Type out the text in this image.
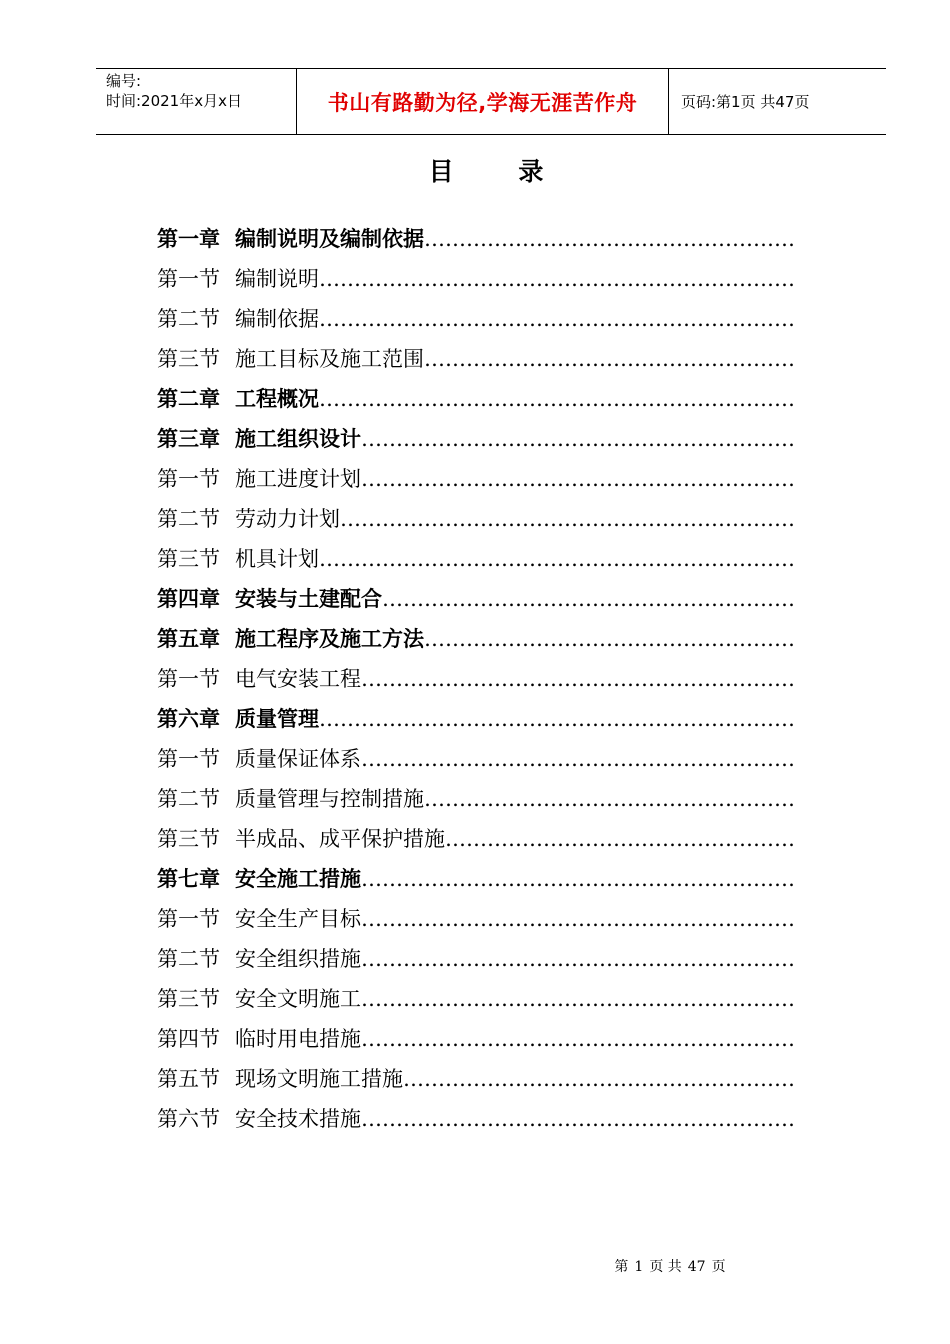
编号:
时间:2021年x月x日	书山有路勤为径,学海无涯苦作舟	页码:第1页 共47页
目 录
第一章 编制说明及编制依据
…………………………………………………………………………………………………
第一节 编制说明
…………………………………………………………………………………………………
第二节 编制依据
…………………………………………………………………………………………………
第三节 施工目标及施工范围
…………………………………………………………………………………………………
第二章 工程概况
…………………………………………………………………………………………………
第三章 施工组织设计
…………………………………………………………………………………………………
第一节 施工进度计划
…………………………………………………………………………………………………
第二节 劳动力计划
…………………………………………………………………………………………………
第三节 机具计划
…………………………………………………………………………………………………
第四章 安装与土建配合
…………………………………………………………………………………………………
第五章 施工程序及施工方法
…………………………………………………………………………………………………
第一节 电气安装工程
…………………………………………………………………………………………………
第六章 质量管理
…………………………………………………………………………………………………
第一节 质量保证体系
…………………………………………………………………………………………………
第二节 质量管理与控制措施
…………………………………………………………………………………………………
第三节 半成品、成平保护措施
…………………………………………………………………………………………………
第七章 安全施工措施
…………………………………………………………………………………………………
第一节 安全生产目标
…………………………………………………………………………………………………
第二节 安全组织措施
…………………………………………………………………………………………………
第三节 安全文明施工
…………………………………………………………………………………………………
第四节 临时用电措施
…………………………………………………………………………………………………
第五节 现场文明施工措施
…………………………………………………………………………………………………
第六节 安全技术措施
…………………………………………………………………………………………………
第 1 页 共 47 页
